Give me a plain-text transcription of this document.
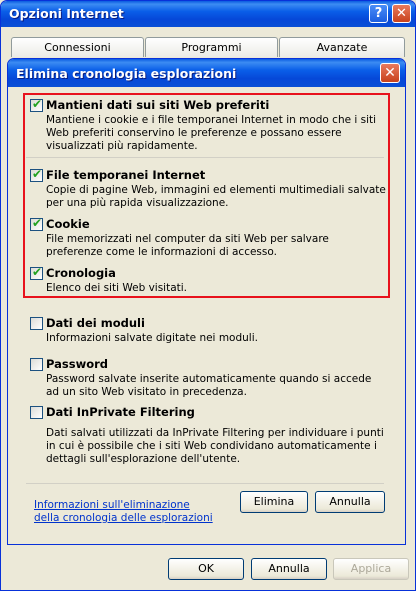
Opzioni Internet	?	✕
Connessioni	Programmi	Avanzate
OK	Annulla	Applica
Elimina cronologia esplorazioni	✕
✔ Mantieni dati sui siti Web preferiti
Mantiene i cookie e i file temporanei Internet in modo che i siti Web preferiti conservino le preferenze e possano essere visualizzati più rapidamente.
✔ File temporanei Internet
Copie di pagine Web, immagini ed elementi multimediali salvate per una più rapida visualizzazione.
✔ Cookie
File memorizzati nel computer da siti Web per salvare preferenze come le informazioni di accesso.
✔ Cronologia
Elenco dei siti Web visitati.
Dati dei moduli
Informazioni salvate digitate nei moduli.
Password
Password salvate inserite automaticamente quando si accede ad un sito Web visitato in precedenza.
Dati InPrivate Filtering
Dati salvati utilizzati da InPrivate Filtering per individuare i punti in cui è possibile che i siti Web condividano automaticamente i dettagli sull'esplorazione dell'utente.
Informazioni sull'eliminazione della cronologia delle esplorazioni
Elimina	Annulla
